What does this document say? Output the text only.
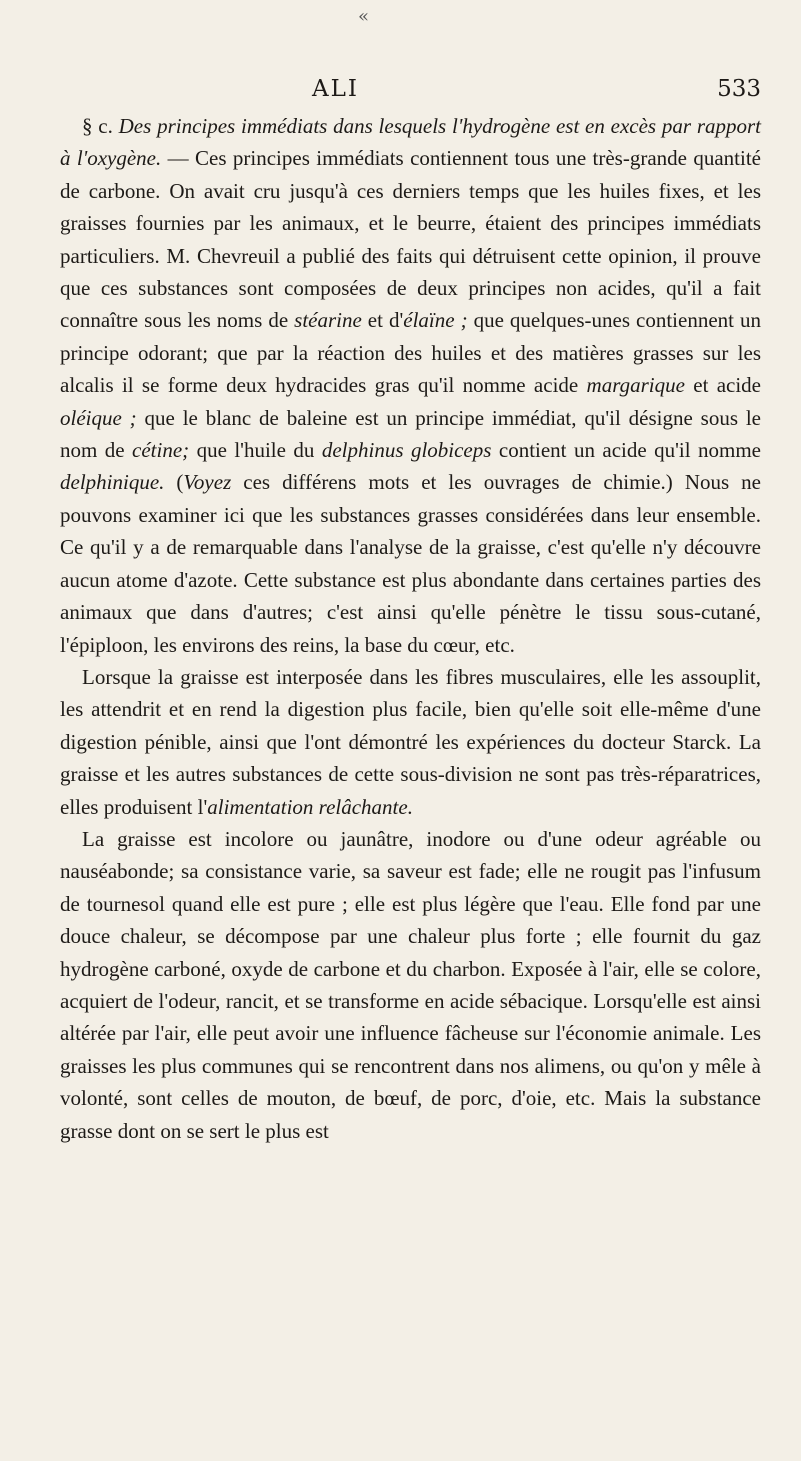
«
ALI	533

§ c. Des principes immédiats dans lesquels l'hydrogène est en excès par rapport à l'oxygène. — Ces principes immédiats contiennent tous une très-grande quantité de carbone. On avait cru jusqu'à ces derniers temps que les huiles fixes, et les graisses fournies par les animaux, et le beurre, étaient des principes immédiats particuliers. M. Chevreuil a publié des faits qui détruisent cette opinion, il prouve que ces substances sont composées de deux principes non acides, qu'il a fait connaître sous les noms de stéarine et d'élaïne ; que quelques-unes contiennent un principe odorant; que par la réaction des huiles et des matières grasses sur les alcalis il se forme deux hydracides gras qu'il nomme acide margarique et acide oléique ; que le blanc de baleine est un principe immédiat, qu'il désigne sous le nom de cétine; que l'huile du delphinus globiceps contient un acide qu'il nomme delphinique. (Voyez ces différens mots et les ouvrages de chimie.) Nous ne pouvons examiner ici que les substances grasses considérées dans leur ensemble. Ce qu'il y a de remarquable dans l'analyse de la graisse, c'est qu'elle n'y découvre aucun atome d'azote. Cette substance est plus abondante dans certaines parties des animaux que dans d'autres; c'est ainsi qu'elle pénètre le tissu sous-cutané, l'épiploon, les environs des reins, la base du cœur, etc.

Lorsque la graisse est interposée dans les fibres musculaires, elle les assouplit, les attendrit et en rend la digestion plus facile, bien qu'elle soit elle-même d'une digestion pénible, ainsi que l'ont démontré les expériences du docteur Starck. La graisse et les autres substances de cette sous-division ne sont pas très-réparatrices, elles produisent l'alimentation relâchante.

La graisse est incolore ou jaunâtre, inodore ou d'une odeur agréable ou nauséabonde; sa consistance varie, sa saveur est fade; elle ne rougit pas l'infusum de tournesol quand elle est pure ; elle est plus légère que l'eau. Elle fond par une douce chaleur, se décompose par une chaleur plus forte ; elle fournit du gaz hydrogène carboné, oxyde de carbone et du charbon. Exposée à l'air, elle se colore, acquiert de l'odeur, rancit, et se transforme en acide sébacique. Lorsqu'elle est ainsi altérée par l'air, elle peut avoir une influence fâcheuse sur l'économie animale. Les graisses les plus communes qui se rencontrent dans nos alimens, ou qu'on y mêle à volonté, sont celles de mouton, de bœuf, de porc, d'oie, etc. Mais la substance grasse dont on se sert le plus est
